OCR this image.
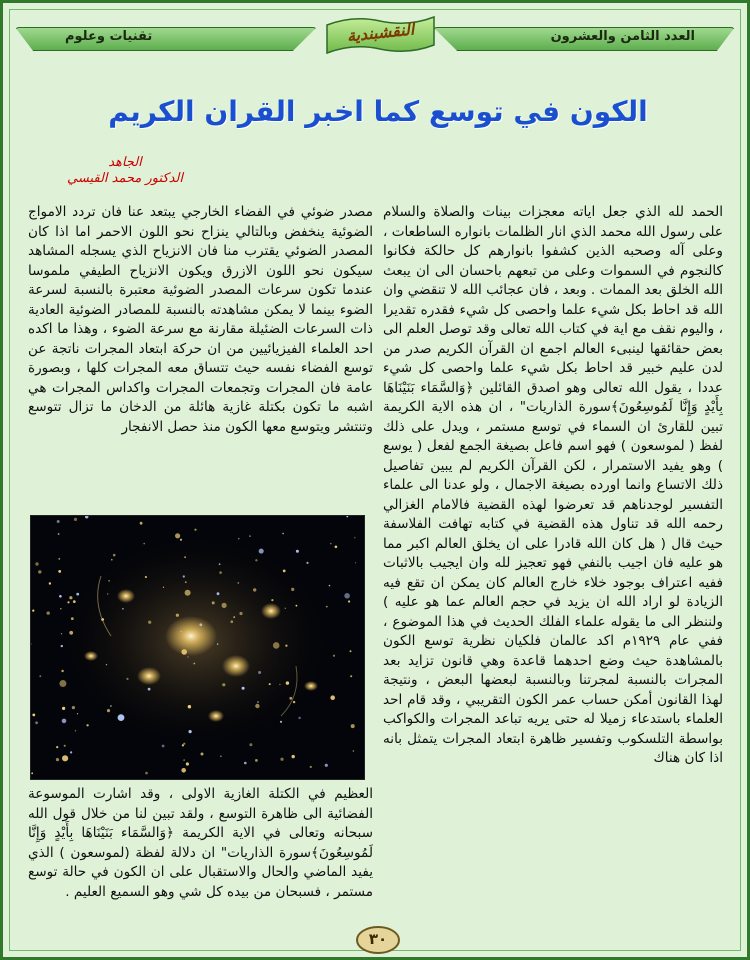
العدد الثامن والعشرون
تقنيات وعلوم	النقشبندية
الكون في توسع كما اخبر القران الكريم
الجاهد
الدكتور محمد القيسي

الحمد لله الذي جعل اياته معجزات بينات والصلاة والسلام على رسول الله محمد الذي انار الظلمات بانواره الساطعات ، وعلى آله وصحبه الذين كشفوا بانوارهم كل حالكة فكانوا كالنجوم في السموات وعلى من تبعهم باحسان الى ان يبعث الله الخلق بعد الممات . وبعد ، فان عجائب الله لا تنقضي وان الله قد احاط بكل شيء علما واحصى كل شيء فقدره تقديرا ، واليوم نقف مع اية في كتاب الله تعالى وقد توصل العلم الى بعض حقائقها لينبىء العالم اجمع ان القرآن الكريم صدر من لدن عليم خبير قد احاط بكل شيء علما واحصى كل شيء عددا ، يقول الله تعالى وهو اصدق القائلين ﴿وَالسَّمَاء بَنَيْنَاهَا بِأَيْدٍ وَإِنَّا لَمُوسِعُونَ﴾سورة الذاريات" ، ان هذه الاية الكريمة تبين للقارئ ان السماء في توسع مستمر ، ويدل على ذلك لفظ ( لموسعون ) فهو اسم فاعل بصيغة الجمع لفعل ( يوسع ) وهو يفيد الاستمرار ، لكن القرآن الكريم لم يبين تفاصيل ذلك الاتساع وانما اورده بصيغة الاجمال ، ولو عدنا الى علماء التفسير لوجدناهم قد تعرضوا لهذه القضية فالامام الغزالي رحمه الله قد تناول هذه القضية في كتابه تهافت الفلاسفة حيث قال ( هل كان الله قادرا على ان يخلق العالم اكبر مما هو عليه فان اجيب بالنفي فهو تعجيز لله وان ايجيب بالاثبات ففيه اعتراف بوجود خلاء خارج العالم كان يمكن ان تقع فيه الزيادة لو اراد الله ان يزيد في حجم العالم عما هو عليه ) ولننظر الى ما يقوله علماء الفلك الحديث في هذا الموضوع ، ففي عام ١٩٢٩م اكد عالمان فلكيان نظرية توسع الكون بالمشاهدة حيث وضع احدهما قاعدة وهي قانون تزايد بعد المجرات بالنسبة لمجرتنا وبالنسبة لبعضها البعض ، ونتيجة لهذا القانون أمكن حساب عمر الكون التقريبي ، وقد قام احد العلماء باستدعاء زميلا له حتى يريه تباعد المجرات والكواكب بواسطة التلسكوب وتفسير ظاهرة ابتعاد المجرات يتمثل بانه اذا كان هناك

مصدر ضوئي في الفضاء الخارجي يبتعد عنا فان تردد الامواج الضوئية ينخفض وبالتالي ينزاح نحو اللون الاحمر اما اذا كان المصدر الضوئي يقترب منا فان الانزياح الذي يسجله المشاهد سيكون نحو اللون الازرق ويكون الانزياح الطيفي ملموسا عندما تكون سرعات المصدر الضوئية معتبرة بالنسبة لسرعة الضوء بينما لا يمكن مشاهدته بالنسبة للمصادر الضوئية العادية ذات السرعات الضئيلة مقارنة مع سرعة الضوء ، وهذا ما اكده احد العلماء الفيزيائيين من ان حركة ابتعاد المجرات ناتجة عن توسع الفضاء نفسه حيث تتساق معه المجرات كلها ، وبصورة عامة فان المجرات وتجمعات المجرات واكداس المجرات هي اشبه ما تكون بكتلة غازية هائلة من الدخان ما تزال تتوسع وتنتشر ويتوسع معها الكون منذ حصل الانفجار

العظيم في الكتلة الغازية الاولى ، وقد اشارت الموسوعة الفضائية الى ظاهرة التوسع ، ولقد تبين لنا من خلال قول الله سبحانه وتعالى في الاية الكريمة ﴿وَالسَّمَاء بَنَيْنَاهَا بِأَيْدٍ وَإِنَّا لَمُوسِعُونَ﴾سورة الذاريات" ان دلالة لفظة (لموسعون ) الذي يفيد الماضي والحال والاستقبال على ان الكون في حالة توسع مستمر ، فسبحان من بيده كل شي وهو السميع العليم .

٣٠
